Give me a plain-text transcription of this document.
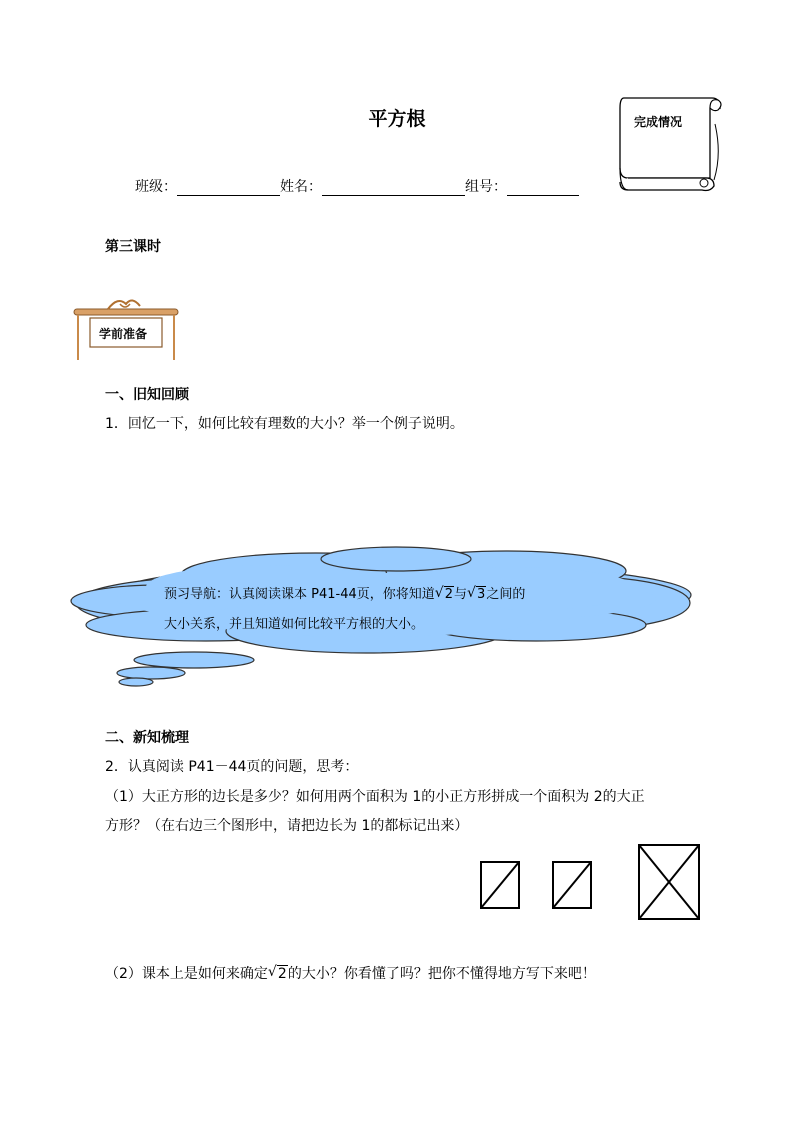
平方根	完成情况
班级：	姓名：	组号：
第三课时
学前准备
一、旧知回顾
1．回忆一下，如何比较有理数的大小？举一个例子说明。
预习导航：认真阅读课本 P41-44页，你将知道 √ 2与 √ 3之间的
大小关系，并且知道如何比较平方根的大小。
二、新知梳理
2．认真阅读 P41－44页的问题，思考：
（1）大正方形的边长是多少？如何用两个面积为 1的小正方形拼成一个面积为 2的大正
方形？（在右边三个图形中，请把边长为 1的都标记出来）
（2）课本上是如何来确定 √ 2的大小？你看懂了吗？把你不懂得地方写下来吧！
